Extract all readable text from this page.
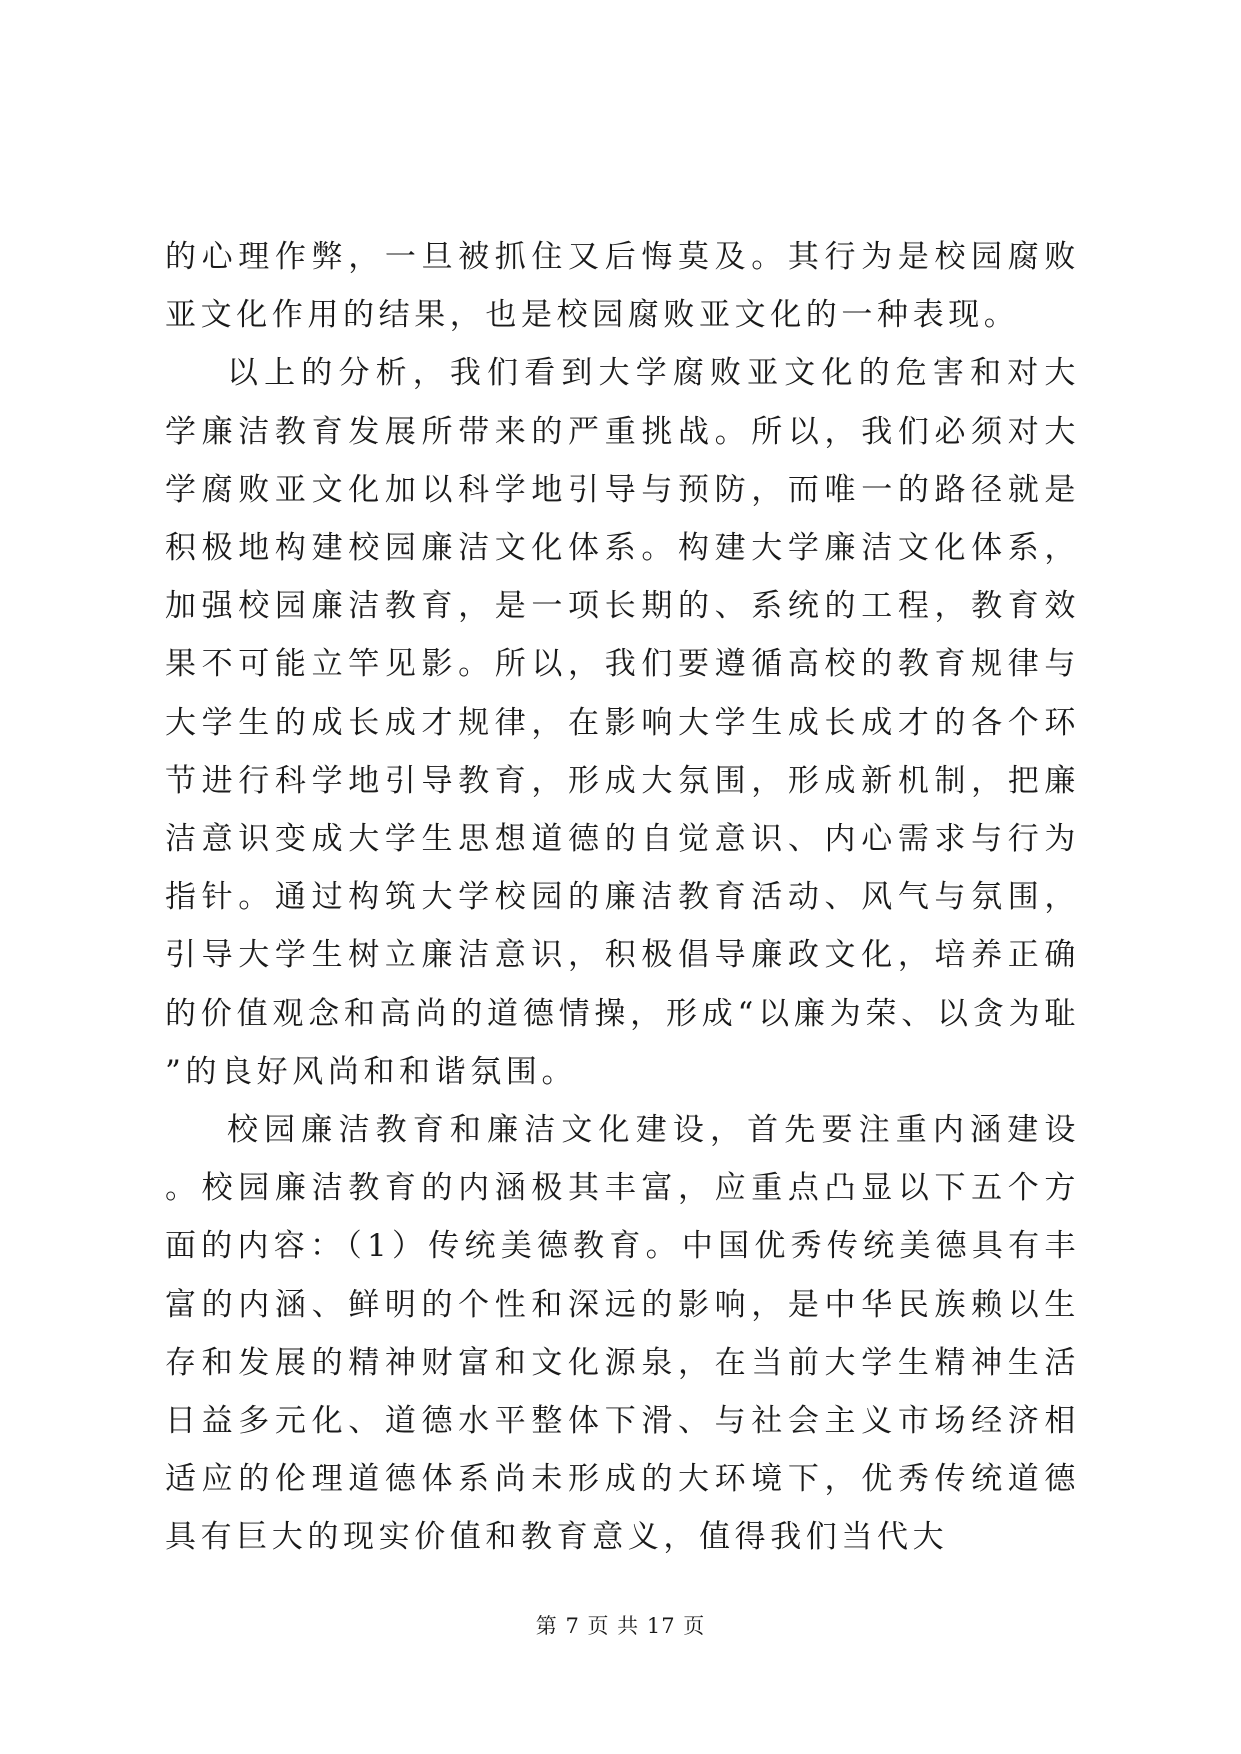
的心理作弊，一旦被抓住又后悔莫及。其行为是校园腐败亚文化作用的结果，也是校园腐败亚文化的一种表现。

以上的分析，我们看到大学腐败亚文化的危害和对大学廉洁教育发展所带来的严重挑战。所以，我们必须对大学腐败亚文化加以科学地引导与预防，而唯一的路径就是积极地构建校园廉洁文化体系。构建大学廉洁文化体系，加强校园廉洁教育，是一项长期的、系统的工程，教育效果不可能立竿见影。所以，我们要遵循高校的教育规律与大学生的成长成才规律，在影响大学生成长成才的各个环节进行科学地引导教育，形成大氛围，形成新机制，把廉洁意识变成大学生思想道德的自觉意识、内心需求与行为指针。通过构筑大学校园的廉洁教育活动、风气与氛围，引导大学生树立廉洁意识，积极倡导廉政文化，培养正确的价值观念和高尚的道德情操，形成“以廉为荣、以贪为耻”的良好风尚和和谐氛围。

校园廉洁教育和廉洁文化建设，首先要注重内涵建设。校园廉洁教育的内涵极其丰富，应重点凸显以下五个方面的内容：（1）传统美德教育。中国优秀传统美德具有丰富的内涵、鲜明的个性和深远的影响，是中华民族赖以生存和发展的精神财富和文化源泉，在当前大学生精神生活日益多元化、道德水平整体下滑、与社会主义市场经济相适应的伦理道德体系尚未形成的大环境下，优秀传统道德具有巨大的现实价值和教育意义，值得我们当代大

第 7 页 共 17 页
